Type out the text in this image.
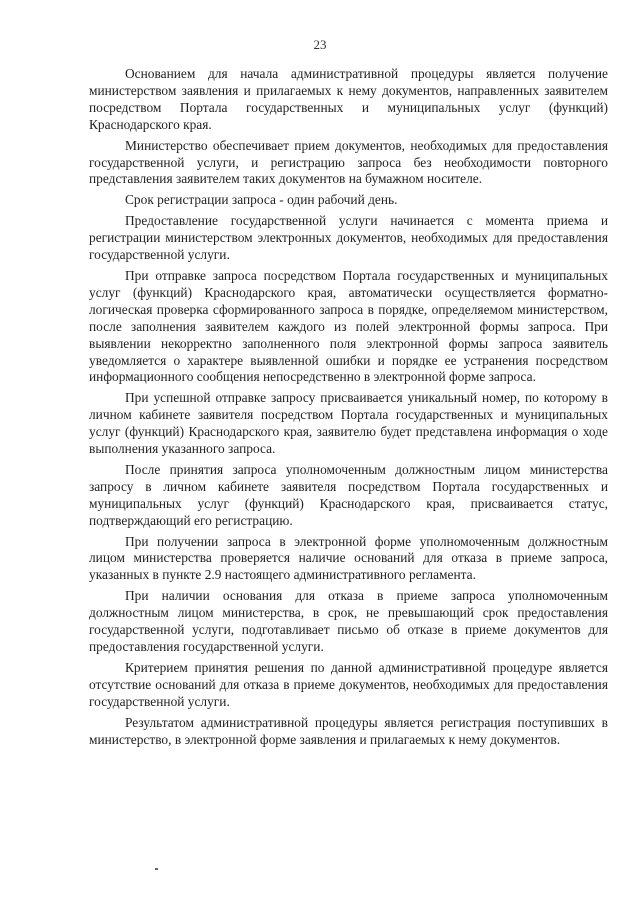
23

Основанием для начала административной процедуры является получение министерством заявления и прилагаемых к нему документов, направленных заявителем посредством Портала государственных и муниципальных услуг (функций) Краснодарского края.

Министерство обеспечивает прием документов, необходимых для предоставления государственной услуги, и регистрацию запроса без необходимости повторного представления заявителем таких документов на бумажном носителе.

Срок регистрации запроса - один рабочий день.

Предоставление государственной услуги начинается с момента приема и регистрации министерством электронных документов, необходимых для предоставления государственной услуги.

При отправке запроса посредством Портала государственных и муниципальных услуг (функций) Краснодарского края, автоматически осуществляется форматно-логическая проверка сформированного запроса в порядке, определяемом министерством, после заполнения заявителем каждого из полей электронной формы запроса. При выявлении некорректно заполненного поля электронной формы запроса заявитель уведомляется о характере выявленной ошибки и порядке ее устранения посредством информационного сообщения непосредственно в электронной форме запроса.

При успешной отправке запросу присваивается уникальный номер, по которому в личном кабинете заявителя посредством Портала государственных и муниципальных услуг (функций) Краснодарского края, заявителю будет представлена информация о ходе выполнения указанного запроса.

После принятия запроса уполномоченным должностным лицом министерства запросу в личном кабинете заявителя посредством Портала государственных и муниципальных услуг (функций) Краснодарского края, присваивается статус, подтверждающий его регистрацию.

При получении запроса в электронной форме уполномоченным должностным лицом министерства проверяется наличие оснований для отказа в приеме запроса, указанных в пункте 2.9 настоящего административного регламента.

При наличии основания для отказа в приеме запроса уполномоченным должностным лицом министерства, в срок, не превышающий срок предоставления государственной услуги, подготавливает письмо об отказе в приеме документов для предоставления государственной услуги.

Критерием принятия решения по данной административной процедуре является отсутствие оснований для отказа в приеме документов, необходимых для предоставления государственной услуги.

Результатом административной процедуры является регистрация поступивших в министерство, в электронной форме заявления и прилагаемых к нему документов.
